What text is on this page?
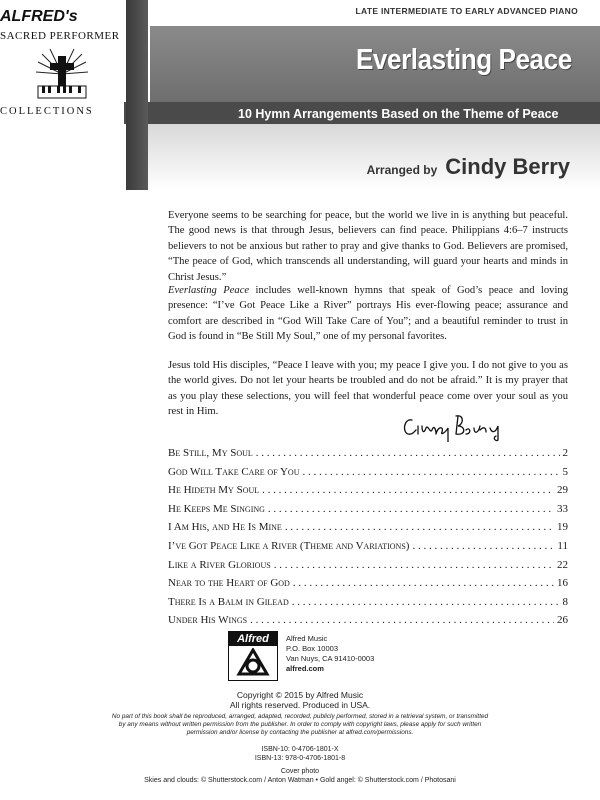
LATE INTERMEDIATE TO EARLY ADVANCED PIANO
Everlasting Peace
10 Hymn Arrangements Based on the Theme of Peace
ALFRED's
SACRED PERFORMER
COLLECTIONS
Arranged by Cindy Berry
Everyone seems to be searching for peace, but the world we live in is anything but peaceful. The good news is that through Jesus, believers can find peace. Philippians 4:6–7 instructs believers to not be anxious but rather to pray and give thanks to God. Believers are promised, “The peace of God, which transcends all understanding, will guard your hearts and minds in Christ Jesus.”
Everlasting Peace includes well-known hymns that speak of God’s peace and loving presence: “I’ve Got Peace Like a River” portrays His ever-flowing peace; assurance and comfort are described in “God Will Take Care of You”; and a beautiful reminder to trust in God is found in “Be Still My Soul,” one of my personal favorites.
Jesus told His disciples, “Peace I leave with you; my peace I give you. I do not give to you as the world gives. Do not let your hearts be troubled and do not be afraid.” It is my prayer that as you play these selections, you will feel that wonderful peace come over your soul as you rest in Him.
Be Still, My Soul . . .	2
God Will Take Care of You . . .	5
He Hideth My Soul . . .	29
He Keeps Me Singing . . .	33
I Am His, and He Is Mine . . .	19
I’ve Got Peace Like a River (Theme and Variations) . . .	11
Like a River Glorious . . .	22
Near to the Heart of God . . .	16
There Is a Balm in Gilead . . .	8
Under His Wings . . .	26
Alfred	Alfred Music
P.O. Box 10003
Van Nuys, CA 91410-0003
alfred.com
Copyright © 2015 by Alfred Music
All rights reserved. Produced in USA.
No part of this book shall be reproduced, arranged, adapted, recorded, publicly performed, stored in a retrieval system, or transmitted by any means without written permission from the publisher. In order to comply with copyright laws, please apply for such written permission and/or license by contacting the publisher at alfred.com/permissions.
ISBN-10: 0-4706-1801-X
ISBN-13: 978-0-4706-1801-8
Cover photo
Skies and clouds: © Shutterstock.com / Anton Watman • Gold angel: © Shutterstock.com / Photosani
